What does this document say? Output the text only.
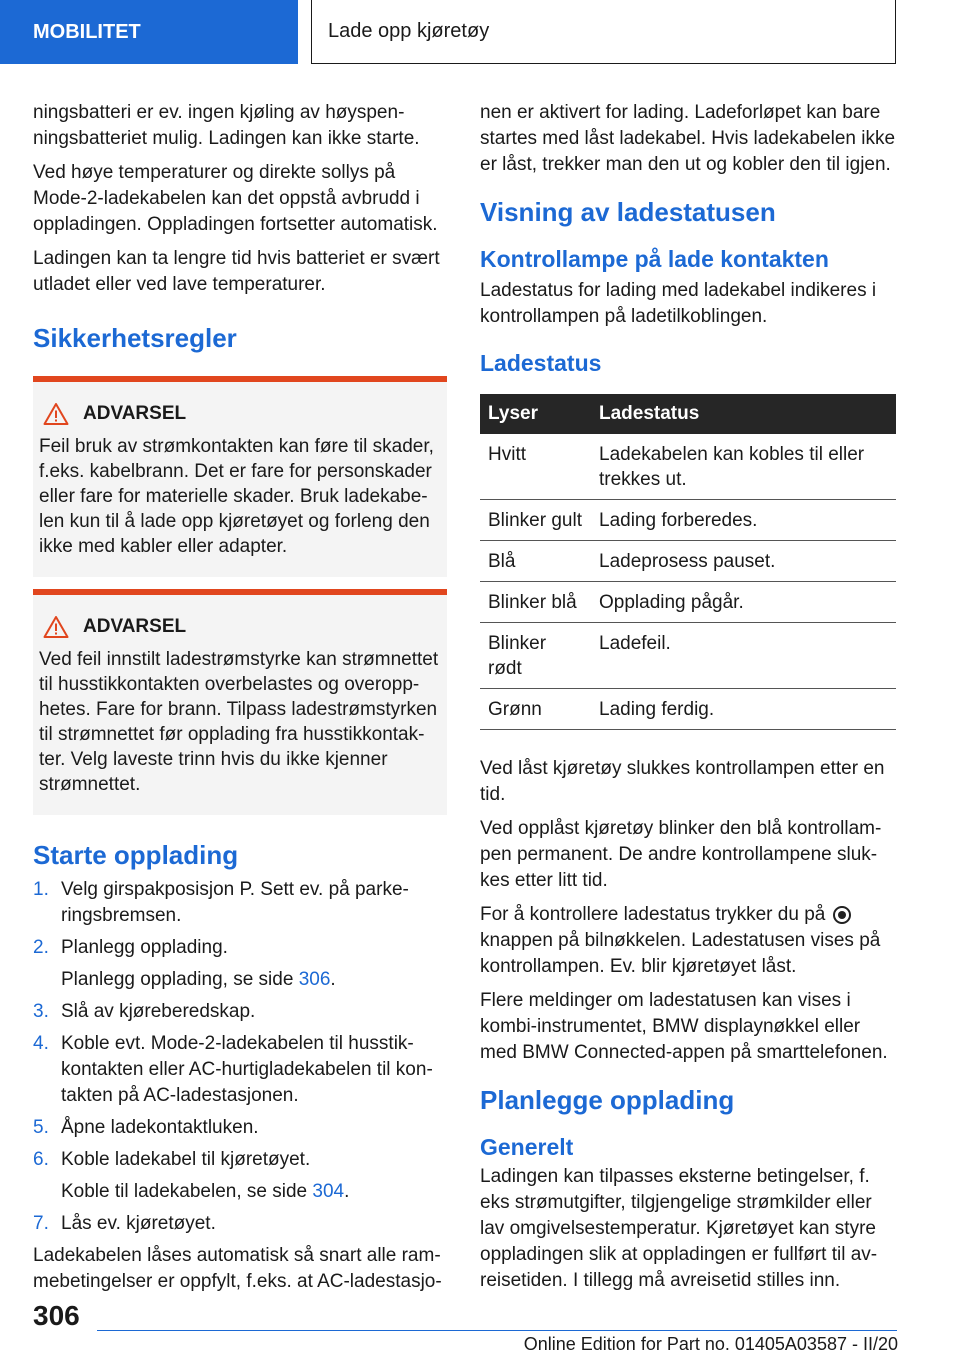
MOBILITET	Lade opp kjøretøy

ningsbatteri er ev. ingen kjøling av høyspen-ningsbatteriet mulig. Ladingen kan ikke starte.

Ved høye temperaturer og direkte sollys på Mode-2-ladekabelen kan det oppstå avbrudd i oppladingen. Oppladingen fortsetter automatisk.

Ladingen kan ta lengre tid hvis batteriet er svært utladet eller ved lave temperaturer.

Sikkerhetsregler
ADVARSEL

Feil bruk av strømkontakten kan føre til skader, f.eks. kabelbrann. Det er fare for personskader eller fare for materielle skader. Bruk ladekabe-len kun til å lade opp kjøretøyet og forleng den ikke med kabler eller adapter.

ADVARSEL

Ved feil innstilt ladestrømstyrke kan strømnettet til husstikkontakten overbelastes og overopp-hetes. Fare for brann. Tilpass ladestrømstyrken til strømnettet før opplading fra husstikkontak-ter. Velg laveste trinn hvis du ikke kjenner strømnettet.

Starte opplading
1. Velg girspakposisjon P. Sett ev. på parke-ringsbremsen.
2. Planlegg opplading.
Planlegg opplading, se side 306.
3. Slå av kjøreberedskap.
4. Koble evt. Mode-2-ladekabelen til husstik-kontakten eller AC-hurtigladekabelen til kon-takten på AC-ladestasjonen.
5. Åpne ladekontaktluken.
6. Koble ladekabel til kjøretøyet.
Koble til ladekabelen, se side 304.
7. Lås ev. kjøretøyet.

Ladekabelen låses automatisk så snart alle ram-mebetingelser er oppfylt, f.eks. at AC-ladestasjo-

nen er aktivert for lading. Ladeforløpet kan bare startes med låst ladekabel. Hvis ladekabelen ikke er låst, trekker man den ut og kobler den til igjen.

Visning av ladestatusen
Kontrollampe på lade kontakten

Ladestatus for lading med ladekabel indikeres i kontrollampen på ladetilkoblingen.

Ladestatus
Lyser	Ladestatus
Hvitt	Ladekabelen kan kobles til eller trekkes ut.
Blinker gult	Lading forberedes.
Blå	Ladeprosess pauset.
Blinker blå	Opplading pågår.
Blinker rødt	Ladefeil.
Grønn	Lading ferdig.

Ved låst kjøretøy slukkes kontrollampen etter en tid.

Ved opplåst kjøretøy blinker den blå kontrollam-pen permanent. De andre kontrollampene sluk-kes etter litt tid.

For å kontrollere ladestatus trykker du på knappen på bilnøkkelen. Ladestatusen vises på kontrollampen. Ev. blir kjøretøyet låst.

Flere meldinger om ladestatusen kan vises i kombi-instrumentet, BMW displaynøkkel eller med BMW Connected-appen på smarttelefonen.

Planlegge opplading
Generelt

Ladingen kan tilpasses eksterne betingelser, f. eks strømutgifter, tilgjengelige strømkilder eller lav omgivelsestemperatur. Kjøretøyet kan styre oppladingen slik at oppladingen er fullført til av-reisetiden. I tillegg må avreisetid stilles inn.

306
Online Edition for Part no. 01405A03587 - II/20
